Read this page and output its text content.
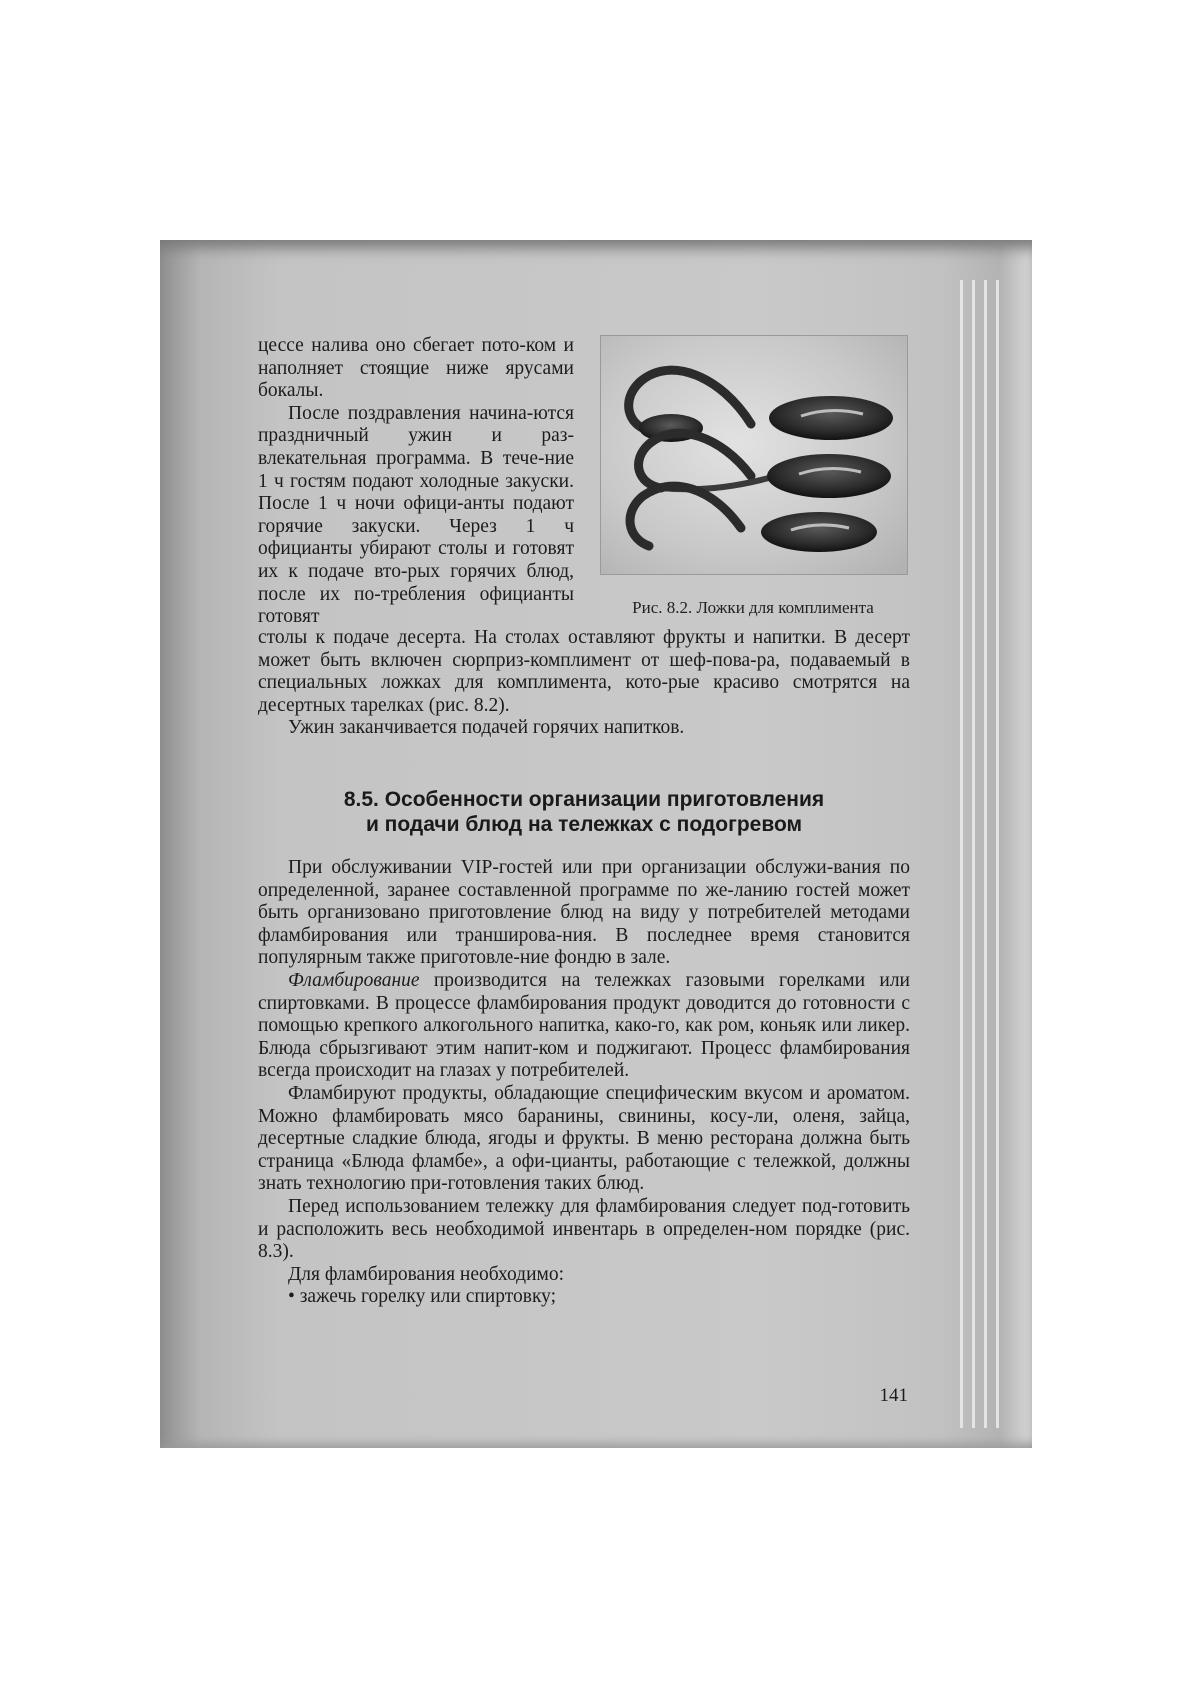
цессе налива оно сбегает пото-ком и наполняет стоящие ниже ярусами бокалы.

После поздравления начина-ются праздничный ужин и раз-влекательная программа. В тече-ние 1 ч гостям подают холодные закуски. После 1 ч ночи офици-анты подают горячие закуски. Через 1 ч официанты убирают столы и готовят их к подаче вто-рых горячих блюд, после их по-требления официанты готовят	Рис. 8.2. Ложки для комплимента

столы к подаче десерта. На столах оставляют фрукты и напитки. В десерт может быть включен сюрприз-комплимент от шеф-пова-ра, подаваемый в специальных ложках для комплимента, кото-рые красиво смотрятся на десертных тарелках (рис. 8.2).

Ужин заканчивается подачей горячих напитков.

8.5. Особенности организации приготовления
и подачи блюд на тележках с подогревом

При обслуживании VIP-гостей или при организации обслужи-вания по определенной, заранее составленной программе по же-ланию гостей может быть организовано приготовление блюд на виду у потребителей методами фламбирования или транширова-ния. В последнее время становится популярным также приготовле-ние фондю в зале.

Фламбирование производится на тележках газовыми горелками или спиртовками. В процессе фламбирования продукт доводится до готовности с помощью крепкого алкогольного напитка, како-го, как ром, коньяк или ликер. Блюда сбрызгивают этим напит-ком и поджигают. Процесс фламбирования всегда происходит на глазах у потребителей.

Фламбируют продукты, обладающие специфическим вкусом и ароматом. Можно фламбировать мясо баранины, свинины, косу-ли, оленя, зайца, десертные сладкие блюда, ягоды и фрукты. В меню ресторана должна быть страница «Блюда фламбе», а офи-цианты, работающие с тележкой, должны знать технологию при-готовления таких блюд.

Перед использованием тележку для фламбирования следует под-готовить и расположить весь необходимой инвентарь в определен-ном порядке (рис. 8.3).

Для фламбирования необходимо:

• зажечь горелку или спиртовку;

141
